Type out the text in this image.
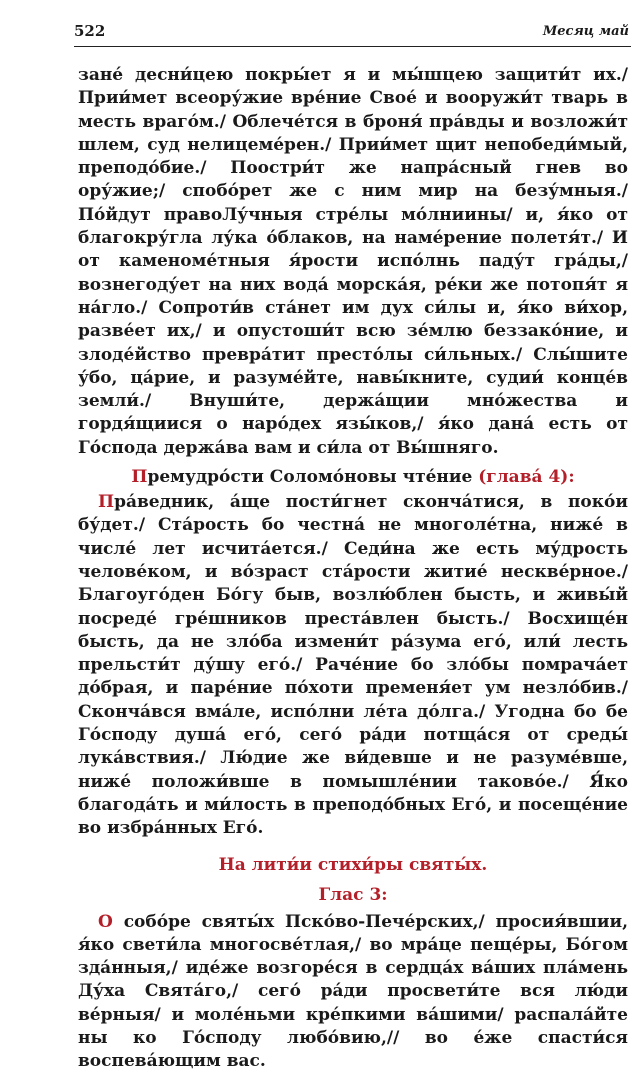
522	Месяц май

зане́ десни́цею покры́ет я и мы́шцею защити́т их./ Прии́мет всеору́жие вре́ние Свое́ и вооружи́т тварь в месть враго́м./ Облече́тся в броня́ пра́вды и возложи́т шлем, суд нелицеме́рен./ Прии́мет щит непобеди́мый, преподо́бие./ Поостри́т же напра́сный гнев во ору́жие;/ спобо́рет же с ним мир на безу́мныя./ По́йдут правоЛу́чныя стре́лы мо́лниины/ и, я́ко от благокру́гла лу́ка о́блаков, на наме́рение полетя́т./ И от каменоме́тныя я́рости испо́лнь паду́т гра́ды,/ вознегоду́ет на них вода́ морска́я, ре́ки же потопя́т я на́гло./ Сопроти́в ста́нет им дух си́лы и, я́ко ви́хор, разве́ет их,/ и опустоши́т всю зе́млю беззако́ние, и злоде́йство превра́тит престо́лы си́льных./ Слы́шите у́бо, ца́рие, и разуме́йте, навы́кните, судии́ конце́в земли́./ Внуши́те, держа́щии мно́жества и гордя́щиися о наро́дех язы́ков,/ я́ко дана́ есть от Го́спода держа́ва вам и си́ла от Вы́шняго.

Премудро́сти Соломо́новы чте́ние (глава́ 4):

Пра́ведник, а́ще пости́гнет сконча́тися, в поко́и бу́дет./ Ста́рость бо честна́ не многоле́тна, ниже́ в числе́ лет исчита́ется./ Седи́на же есть му́дрость челове́ком, и во́зраст ста́рости житие́ нескве́рное./ Благоуго́ден Бо́гу быв, возлю́блен бысть, и живы́й посреде́ гре́шников преста́влен бысть./ Восхище́н бысть, да не зло́ба измени́т ра́зума его́, или́ лесть прельсти́т ду́шу его́./ Раче́ние бо зло́бы помрача́ет до́брая, и паре́ние по́хоти пременя́ет ум незло́бив./ Сконча́вся вма́ле, испо́лни ле́та до́лга./ Угодна бо бе Го́споду душа́ его́, сего́ ра́ди потща́ся от среды́ лука́вствия./ Лю́дие же ви́девше и не разуме́вше, ниже́ положи́вше в помышле́нии таково́е./ Я́ко благода́ть и ми́лость в преподо́бных Его́, и посеще́ние во избра́нных Его́.

На лити́и стихи́ры святы́х.

Глас 3:

О собо́ре святы́х Пско́во-Пече́рских,/ просия́вшии, я́ко свети́ла многосве́тлая,/ во мра́це пеще́ры, Бо́гом зда́нныя,/ иде́же возгоре́ся в сердца́х ва́ших пла́мень Ду́ха Свята́го,/ сего́ ра́ди просвети́те вся лю́ди ве́рныя/ и моле́ньми кре́пкими ва́шими/ распала́йте ны ко Го́споду любо́вию,// во е́же спасти́ся воспева́ющим вас.
